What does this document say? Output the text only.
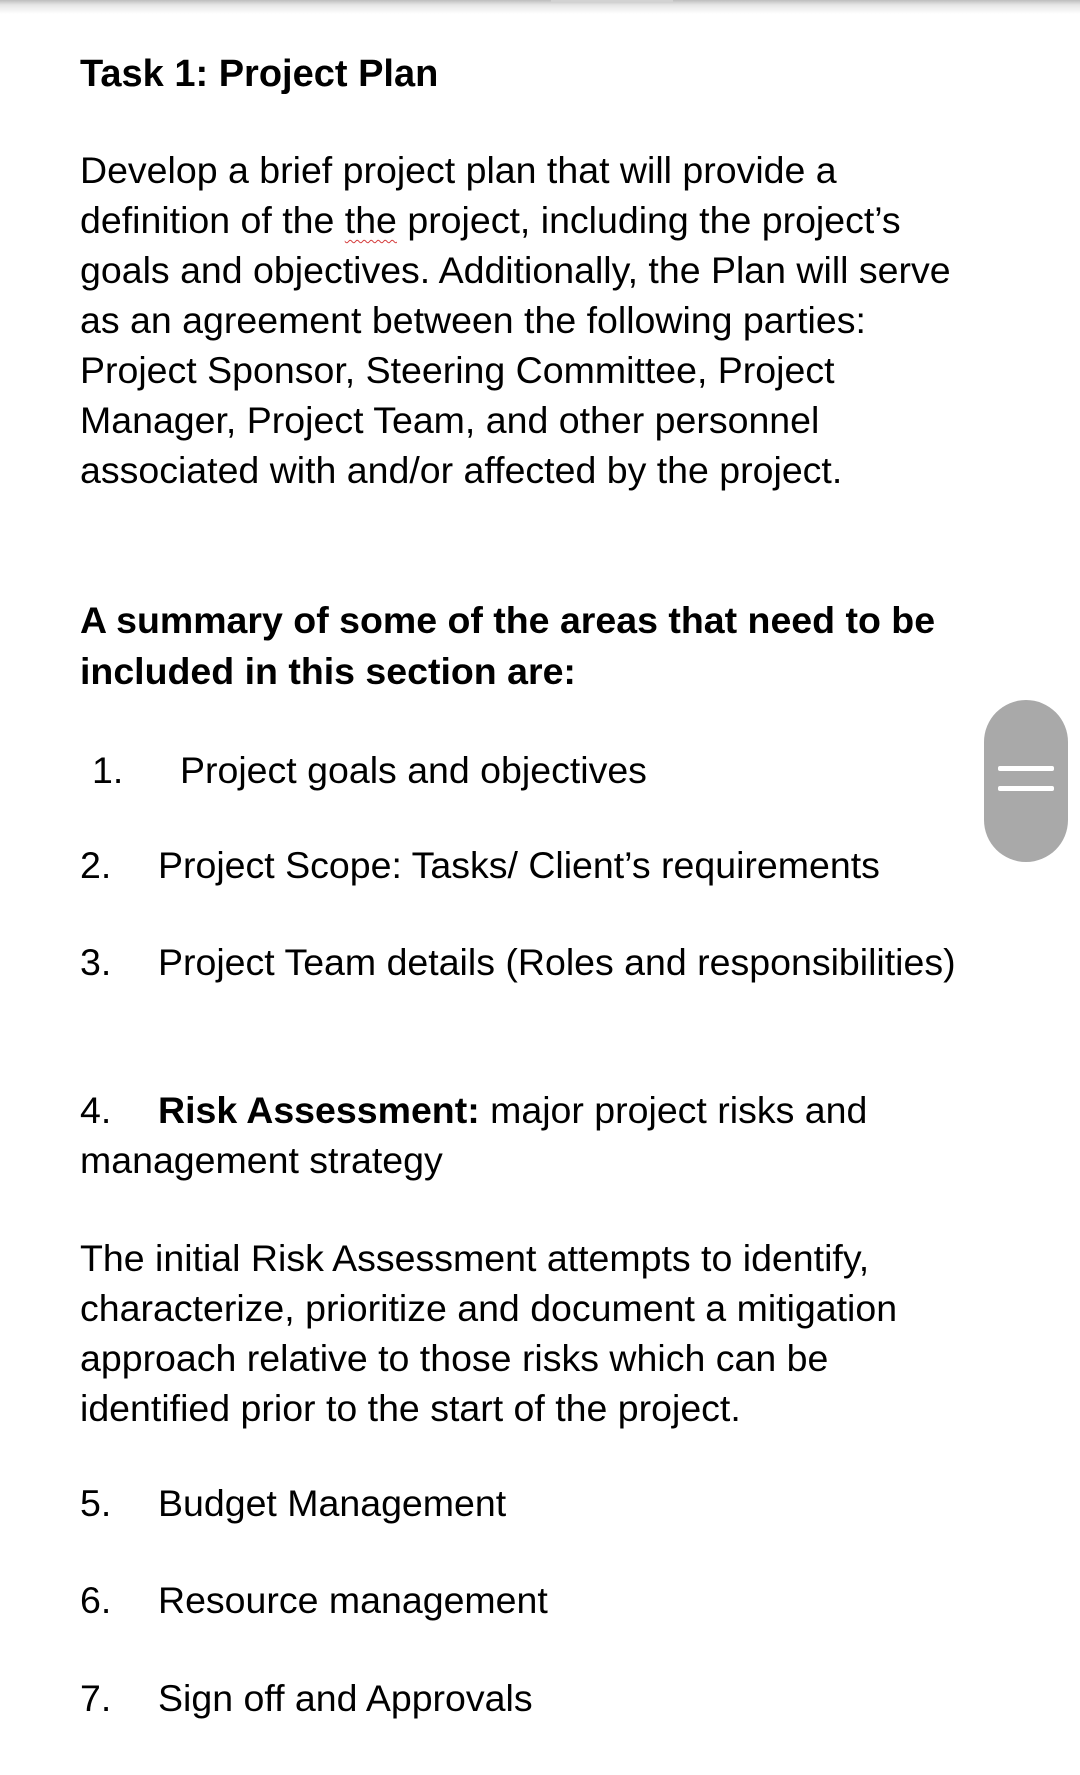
Task 1: Project Plan

Develop a brief project plan that will provide a definition of the the project, including the project’s goals and objectives. Additionally, the Plan will serve as an agreement between the following parties: Project Sponsor, Steering Committee, Project Manager, Project Team, and other personnel associated with and/or affected by the project.

A summary of some of the areas that need to be included in this section are:

1. Project goals and objectives

2. Project Scope: Tasks/ Client’s requirements

3. Project Team details (Roles and responsibilities)

4. Risk Assessment: major project risks and management strategy

The initial Risk Assessment attempts to identify, characterize, prioritize and document a mitigation approach relative to those risks which can be identified prior to the start of the project.

5. Budget Management

6. Resource management

7. Sign off and Approvals
